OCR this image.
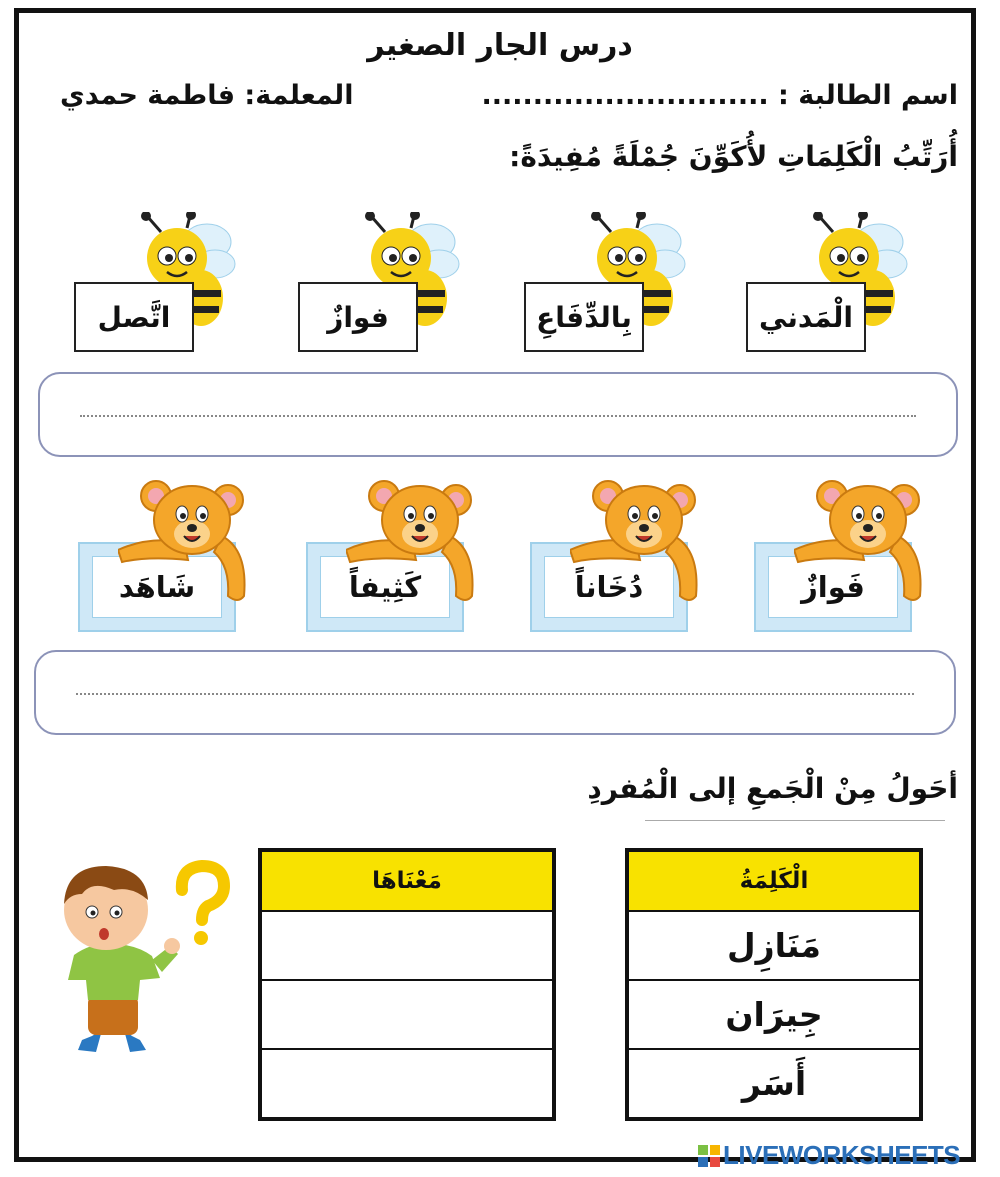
درس الجار الصغير
اسم الطالبة : ............................
المعلمة: فاطمة حمدي
أُرَتِّبُ الْكَلِمَاتِ لأُكَوِّنَ جُمْلَةً مُفِيدَةً:
اتَّصل	فوازٌ	بِالدِّفَاعِ	الْمَدني
شَاهَد	كَثِيفاً	دُخَاناً	فَوازٌ
أحَولُ مِنْ الْجَمعِ إلى الْمُفردِ
مَعْنَاهَا	الْكَلِمَةُ
مَنَازِل
جِيرَان
أَسَر
LIVEWORKSHEETS
